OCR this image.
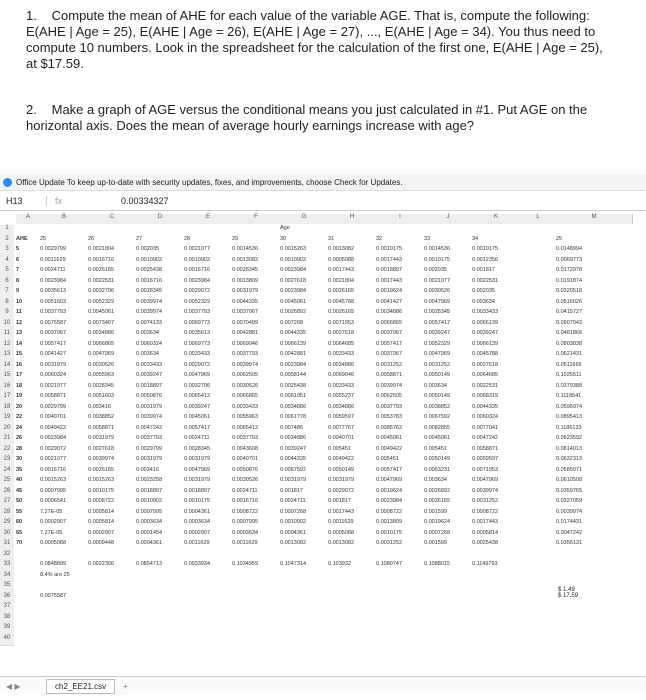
1. Compute the mean of AHE for each value of the variable AGE. That is, compute the following: E(AHE | Age = 25), E(AHE | Age = 26), E(AHE | Age = 27), ..., E(AHE | Age = 34). You thus need to compute 10 numbers. Look in the spreadsheet for the calculation of the first one, E(AHE | Age = 25), at $17.59.
2. Make a graph of AGE versus the conditional means you just calculated in #1. Put AGE on the horizontal axis. Does the mean of average hourly earnings increase with age?
Office Update To keep up-to-date with security updates, fixes, and improvements, choose Check for Updates.
H13	fx	0.00334327
A	B	C	D	E	F	G	H	I	J	K	L	M
1	Age
2	AHE	25	26	27	28	29	30	31	32	33	34	25
3	5	0.0029799	0.0021804	0.002035	0.0021077	0.0014536	0.0015263	0.0013082	0.0010175	0.0014536	0.0010175	0.0148994
4	6	0.0011629	0.0016716	0.0010902	0.0010902	0.0013082	0.0010902	0.0005088	0.0017443	0.0010175	0.0012356	0.0069773
5	7	0.0024711	0.0026165	0.0025438	0.0016716	0.0028345	0.0023984	0.0017443	0.0018897	0.002035	0.001817	0.0172978
6	8	0.0023984	0.0022531	0.0016716	0.0023984	0.0013809	0.0027618	0.0021804	0.0017443	0.0021077	0.0022531	0.0191874
7	9	0.0035613	0.0032706	0.0028345	0.0029072	0.0031979	0.0023984	0.0026165	0.0019624	0.0030526	0.002035	0.0320518
8	10	0.0051603	0.0052329	0.0039974	0.0052329	0.0044335	0.0045061	0.0045788	0.0041427	0.0047969	0.003634	0.0516026
9	11	0.0037793	0.0045061	0.0039974	0.0037793	0.0037067	0.0026892	0.0026165	0.0034886	0.0028345	0.0033433	0.0415727
10	12	0.0075587	0.0073407	0.0074133	0.0069773	0.0070499	0.007268	0.0071953	0.0066865	0.0057417	0.0066139	0.0907043
11	13	0.0037067	0.0034886	0.003634	0.0035613	0.0042881	0.0044335	0.0027618	0.0037067	0.0039247	0.0039247	0.0481866
12	14	0.0057417	0.0066865	0.0060324	0.0069773	0.0069046	0.0066139	0.0064685	0.0057417	0.0052329	0.0066139	0.0803838
13	15	0.0041427	0.0047969	0.003634	0.0033433	0.0037793	0.0042881	0.0033433	0.0037067	0.0047969	0.0045788	0.0621431
14	16	0.0031979	0.0030526	0.0033433	0.0029072	0.0039974	0.0023984	0.0034886	0.0031252	0.0031252	0.0027618	0.0511666
15	17	0.0060324	0.0055963	0.0039247	0.0047969	0.0062505	0.0058144	0.0069046	0.0058871	0.0050149	0.0064685	0.1025511
16	18	0.0021077	0.0028345	0.0018897	0.0032706	0.0030526	0.0025438	0.0033433	0.0039974	0.003634	0.0022531	0.0379388
17	19	0.0058871	0.0051603	0.0050876	0.0065412	0.0066865	0.0061051	0.0055237	0.0062505	0.0050149	0.0068319	0.1118541
18	20	0.0029799	0.003416	0.0031979	0.0039247	0.0033433	0.0034886	0.0034886	0.0037793	0.0038852	0.0044335	0.0595974
19	22	0.0040701	0.0038852	0.0039974	0.0045061	0.0055963	0.0061778	0.0059597	0.0053783	0.0067592	0.0060324	0.0895413
20	24	0.0049422	0.0058871	0.0047242	0.0057417	0.0065412	0.007486	0.0077767	0.0085762	0.0082855	0.0077041	0.1186133
21	26	0.0023984	0.0031979	0.0037793	0.0024711	0.0037793	0.0034886	0.0040701	0.0045061	0.0045061	0.0047242	0.0623592
22	28	0.0029072	0.0027618	0.0029799	0.0028345	0.0043608	0.0039247	0.005451	0.0049422	0.005451	0.0058871	0.0814013
23	30	0.0021077	0.0039974	0.0031979	0.0031979	0.0040701	0.0044335	0.0049422	0.005451	0.0050149	0.0059597	0.0632313
24	35	0.0016716	0.0026165	0.003416	0.0047969	0.0050876	0.0067592	0.0050149	0.0057417	0.0063231	0.0071953	0.0585071
25	40	0.0015263	0.0015263	0.0023258	0.0031979	0.0030526	0.0031979	0.0031979	0.0047969	0.003634	0.0047969	0.0610508
26	45	0.0007995	0.0010175	0.0018897	0.0018897	0.0024711	0.001817	0.0029072	0.0019624	0.0026892	0.0039974	0.0359765
27	50	0.0006541	0.0008722	0.0010902	0.0010175	0.0016716	0.0024711	0.001817	0.0023984	0.0026165	0.0031252	0.0327059
28	55	7.27E-05	0.0005814	0.0007995	0.0004361	0.0008722	0.0007268	0.0017443	0.0008722	0.001599	0.0008722	0.0039974
29	60	0.0002907	0.0005814	0.0003634	0.0003634	0.0007995	0.0010902	0.0011629	0.0013809	0.0019624	0.0017443	0.0174431
30	65	7.27E-05	0.0002907	0.0001454	0.0002907	0.0003634	0.0004361	0.0005088	0.0010175	0.0007268	0.0005814	0.0047242
31	70	0.0005088	0.0009448	0.0004361	0.0011629	0.0011629	0.0013082	0.0013082	0.0031252	0.001599	0.0025438	0.0356131
32
33	0.0848899	0.0922306	0.0854713	0.0933934	0.1034959	0.1047314	0.103932	0.1080747	0.1088015	0.1149793
34	8.4% are 25
35
36	0.0075587
37
38
39
40
$ 1.49
$ 17.59
◀ ▶	ch2_EE21.csv	+
